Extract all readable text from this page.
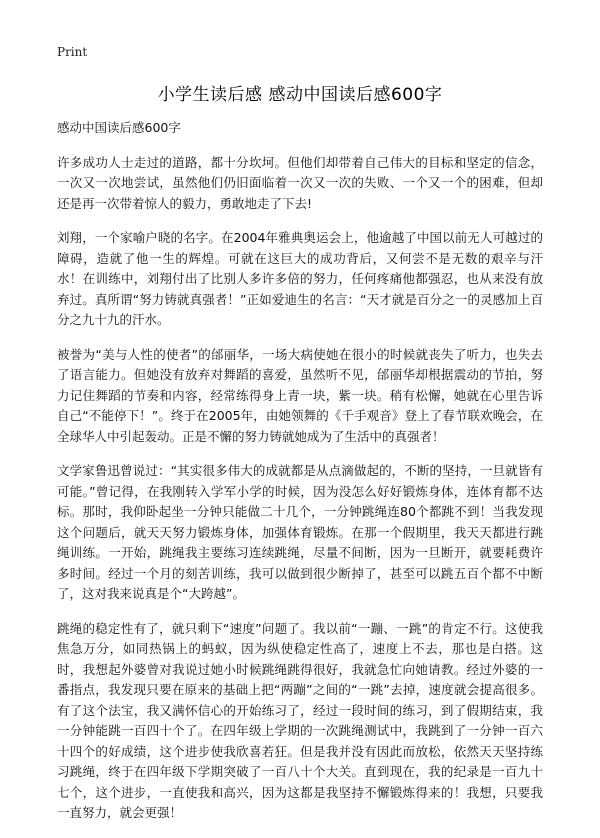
Print
小学生读后感 感动中国读后感600字

感动中国读后感600字

许多成功人士走过的道路，都十分坎坷。但他们却带着自己伟大的目标和坚定的信念，一次又一次地尝试，虽然他们仍旧面临着一次又一次的失败、一个又一个的困难，但却还是再一次带着惊人的毅力，勇敢地走了下去!

刘翔，一个家喻户晓的名字。在2004年雅典奥运会上，他逾越了中国以前无人可越过的障碍，造就了他一生的辉煌。可就在这巨大的成功背后，又何尝不是无数的艰辛与汗水！在训练中，刘翔付出了比别人多许多倍的努力，任何疼痛他都强忍，也从来没有放弃过。真所谓“努力铸就真强者！”正如爱迪生的名言：“天才就是百分之一的灵感加上百分之九十九的汗水。

被誉为“美与人性的使者”的邰丽华，一场大病使她在很小的时候就丧失了听力，也失去了语言能力。但她没有放弃对舞蹈的喜爱，虽然听不见，邰丽华却根据震动的节拍，努力记住舞蹈的节奏和内容，经常练得身上青一块，紫一块。稍有松懈，她就在心里告诉自己“不能停下！”。终于在2005年，由她领舞的《千手观音》登上了春节联欢晚会，在全球华人中引起轰动。正是不懈的努力铸就她成为了生活中的真强者！

文学家鲁迅曾说过：“其实很多伟大的成就都是从点滴做起的，不断的坚持，一旦就皆有可能。”曾记得，在我刚转入学军小学的时候，因为没怎么好好锻炼身体，连体育都不达标。那时，我仰卧起坐一分钟只能做二十几个，一分钟跳绳连80个都跳不到！当我发现这个问题后，就天天努力锻炼身体，加强体育锻炼。在那一个假期里，我天天都进行跳绳训练。一开始，跳绳我主要练习连续跳绳，尽量不间断，因为一旦断开，就要耗费许多时间。经过一个月的刻苦训练，我可以做到很少断掉了，甚至可以跳五百个都不中断了，这对我来说真是个“大跨越”。

跳绳的稳定性有了，就只剩下“速度”问题了。我以前“一蹦、一跳”的肯定不行。这使我焦急万分，如同热锅上的蚂蚁，因为纵使稳定性高了，速度上不去，那也是白搭。这时，我想起外婆曾对我说过她小时候跳绳跳得很好，我就急忙向她请教。经过外婆的一番指点，我发现只要在原来的基础上把“两蹦”之间的“一跳”去掉，速度就会提高很多。有了这个法宝，我又满怀信心的开始练习了，经过一段时间的练习，到了假期结束，我一分钟能跳一百四十个了。在四年级上学期的一次跳绳测试中，我跳到了一分钟一百六十四个的好成绩，这个进步使我欣喜若狂。但是我并没有因此而放松，依然天天坚持练习跳绳，终于在四年级下学期突破了一百八十个大关。直到现在，我的纪录是一百九十七个，这个进步，一直使我和高兴，因为这都是我坚持不懈锻炼得来的！我想，只要我一直努力，就会更强！
